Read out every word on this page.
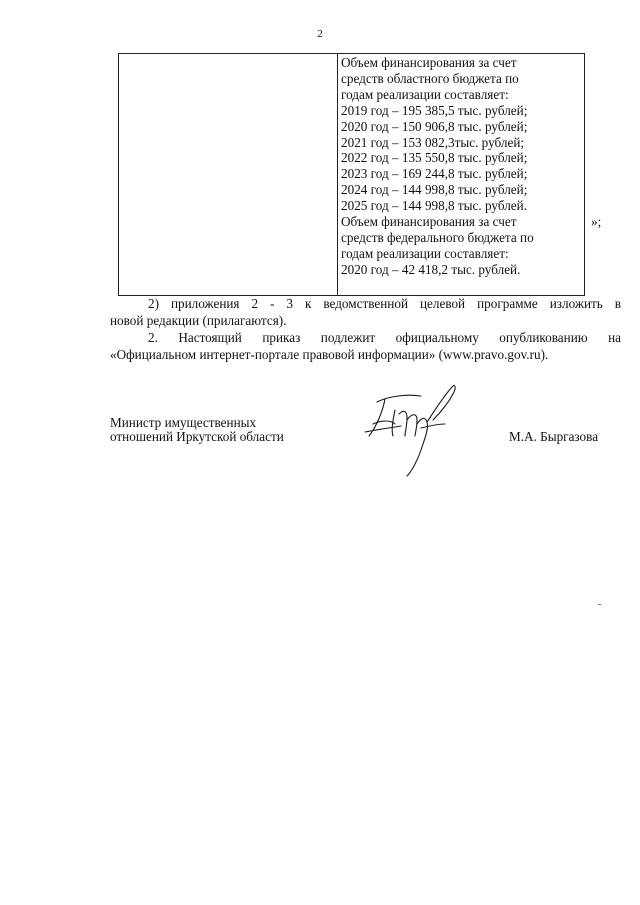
2
Объем финансирования за счет
средств областного бюджета по
годам реализации составляет:
2019 год – 195 385,5 тыс. рублей;
2020 год – 150 906,8 тыс. рублей;
2021 год – 153 082,3тыс. рублей;
2022 год – 135 550,8 тыс. рублей;
2023 год – 169 244,8 тыс. рублей;
2024 год – 144 998,8 тыс. рублей;
2025 год – 144 998,8 тыс. рублей.
Объем финансирования за счет
средств федерального бюджета по
годам реализации составляет:
2020 год – 42 418,2 тыс. рублей.
»;
2) приложения 2 - 3 к ведомственной целевой программе изложить в
новой редакции (прилагаются).
2. Настоящий приказ подлежит официальному опубликованию на
«Официальном интернет-портале правовой информации» (www.pravo.gov.ru).
Министр имущественных
отношений Иркутской области	М.А. Быргазова
